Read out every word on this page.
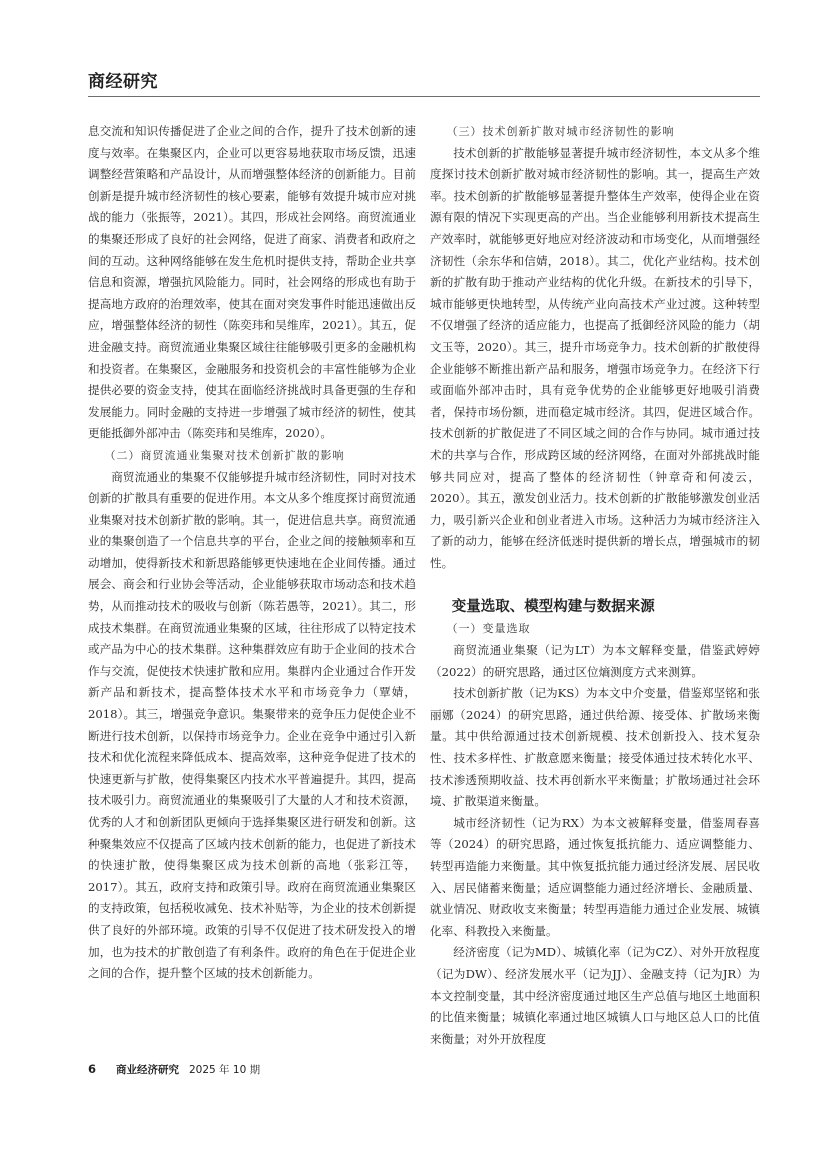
商经研究

息交流和知识传播促进了企业之间的合作，提升了技术创新的速度与效率。在集聚区内，企业可以更容易地获取市场反馈，迅速调整经营策略和产品设计，从而增强整体经济的创新能力。目前创新是提升城市经济韧性的核心要素，能够有效提升城市应对挑战的能力（张振等，2021）。其四，形成社会网络。商贸流通业的集聚还形成了良好的社会网络，促进了商家、消费者和政府之间的互动。这种网络能够在发生危机时提供支持，帮助企业共享信息和资源，增强抗风险能力。同时，社会网络的形成也有助于提高地方政府的治理效率，使其在面对突发事件时能迅速做出反应，增强整体经济的韧性（陈奕玮和吴维库，2021）。其五，促进金融支持。商贸流通业集聚区域往往能够吸引更多的金融机构和投资者。在集聚区，金融服务和投资机会的丰富性能够为企业提供必要的资金支持，使其在面临经济挑战时具备更强的生存和发展能力。同时金融的支持进一步增强了城市经济的韧性，使其更能抵御外部冲击（陈奕玮和吴维库，2020）。

（二）商贸流通业集聚对技术创新扩散的影响

商贸流通业的集聚不仅能够提升城市经济韧性，同时对技术创新的扩散具有重要的促进作用。本文从多个维度探讨商贸流通业集聚对技术创新扩散的影响。其一，促进信息共享。商贸流通业的集聚创造了一个信息共享的平台，企业之间的接触频率和互动增加，使得新技术和新思路能够更快速地在企业间传播。通过展会、商会和行业协会等活动，企业能够获取市场动态和技术趋势，从而推动技术的吸收与创新（陈若愚等，2021）。其二，形成技术集群。在商贸流通业集聚的区域，往往形成了以特定技术或产品为中心的技术集群。这种集群效应有助于企业间的技术合作与交流，促使技术快速扩散和应用。集群内企业通过合作开发新产品和新技术，提高整体技术水平和市场竞争力（覃婧，2018）。其三，增强竞争意识。集聚带来的竞争压力促使企业不断进行技术创新，以保持市场竞争力。企业在竞争中通过引入新技术和优化流程来降低成本、提高效率，这种竞争促进了技术的快速更新与扩散，使得集聚区内技术水平普遍提升。其四，提高技术吸引力。商贸流通业的集聚吸引了大量的人才和技术资源，优秀的人才和创新团队更倾向于选择集聚区进行研发和创新。这种聚集效应不仅提高了区域内技术创新的能力，也促进了新技术的快速扩散，使得集聚区成为技术创新的高地（张彩江等，2017）。其五，政府支持和政策引导。政府在商贸流通业集聚区的支持政策，包括税收减免、技术补贴等，为企业的技术创新提供了良好的外部环境。政策的引导不仅促进了技术研发投入的增加，也为技术的扩散创造了有利条件。政府的角色在于促进企业之间的合作，提升整个区域的技术创新能力。

（三）技术创新扩散对城市经济韧性的影响

技术创新的扩散能够显著提升城市经济韧性，本文从多个维度探讨技术创新扩散对城市经济韧性的影响。其一，提高生产效率。技术创新的扩散能够显著提升整体生产效率，使得企业在资源有限的情况下实现更高的产出。当企业能够利用新技术提高生产效率时，就能够更好地应对经济波动和市场变化，从而增强经济韧性（余东华和信婧，2018）。其二，优化产业结构。技术创新的扩散有助于推动产业结构的优化升级。在新技术的引导下，城市能够更快地转型，从传统产业向高技术产业过渡。这种转型不仅增强了经济的适应能力，也提高了抵御经济风险的能力（胡文玉等，2020）。其三，提升市场竞争力。技术创新的扩散使得企业能够不断推出新产品和服务，增强市场竞争力。在经济下行或面临外部冲击时，具有竞争优势的企业能够更好地吸引消费者，保持市场份额，进而稳定城市经济。其四，促进区域合作。技术创新的扩散促进了不同区域之间的合作与协同。城市通过技术的共享与合作，形成跨区域的经济网络，在面对外部挑战时能够共同应对，提高了整体的经济韧性（钟章奇和何凌云，2020）。其五，激发创业活力。技术创新的扩散能够激发创业活力，吸引新兴企业和创业者进入市场。这种活力为城市经济注入了新的动力，能够在经济低迷时提供新的增长点，增强城市的韧性。

变量选取、模型构建与数据来源

（一）变量选取

商贸流通业集聚（记为LT）为本文解释变量，借鉴武婷婷（2022）的研究思路，通过区位熵测度方式来测算。

技术创新扩散（记为KS）为本文中介变量，借鉴郑坚铭和张丽娜（2024）的研究思路，通过供给源、接受体、扩散场来衡量。其中供给源通过技术创新规模、技术创新投入、技术复杂性、技术多样性、扩散意愿来衡量；接受体通过技术转化水平、技术渗透预期收益、技术再创新水平来衡量；扩散场通过社会环境、扩散渠道来衡量。

城市经济韧性（记为RX）为本文被解释变量，借鉴周春喜等（2024）的研究思路，通过恢复抵抗能力、适应调整能力、转型再造能力来衡量。其中恢复抵抗能力通过经济发展、居民收入、居民储蓄来衡量；适应调整能力通过经济增长、金融质量、就业情况、财政收支来衡量；转型再造能力通过企业发展、城镇化率、科教投入来衡量。

经济密度（记为MD）、城镇化率（记为CZ）、对外开放程度（记为DW）、经济发展水平（记为JJ）、金融支持（记为JR）为本文控制变量，其中经济密度通过地区生产总值与地区土地面积的比值来衡量；城镇化率通过地区城镇人口与地区总人口的比值来衡量；对外开放程度

6	商业经济研究 2025 年 10 期
